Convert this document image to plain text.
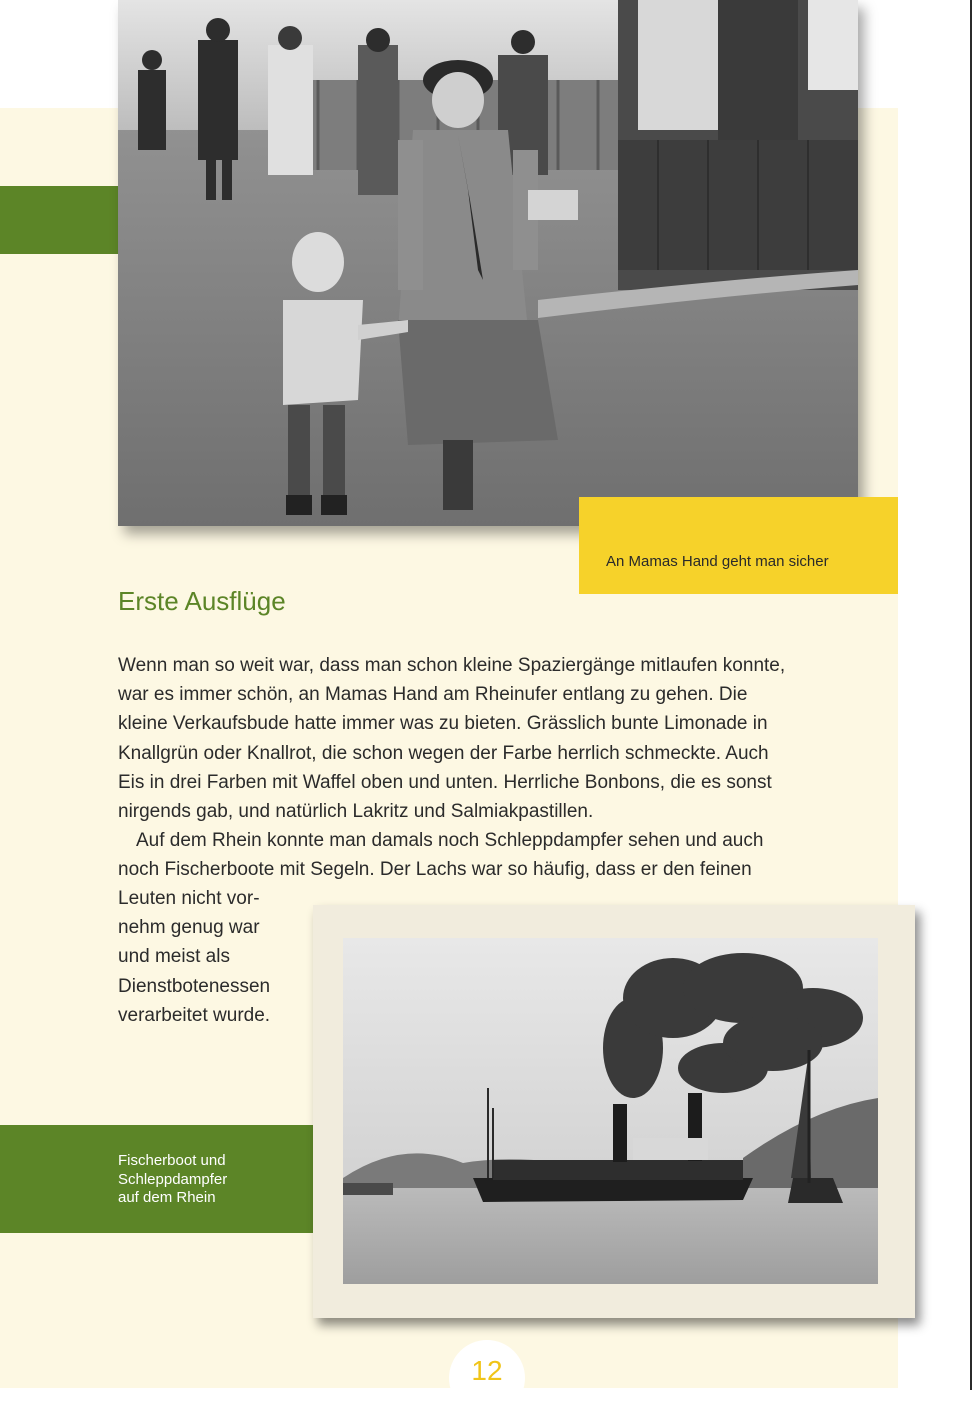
An Mamas Hand geht man sicher
Erste Ausflüge
Wenn man so weit war, dass man schon kleine Spaziergänge mitlaufen konnte,
war es immer schön, an Mamas Hand am Rheinufer entlang zu gehen. Die
kleine Verkaufsbude hatte immer was zu bieten. Grässlich bunte Limonade in
Knallgrün oder Knallrot, die schon wegen der Farbe herrlich schmeckte. Auch
Eis in drei Farben mit Waffel oben und unten. Herrliche Bonbons, die es sonst
nirgends gab, und natürlich Lakritz und Salmiakpastillen.
Auf dem Rhein konnte man damals noch Schleppdampfer sehen und auch
noch Fischerboote mit Segeln. Der Lachs war so häufig, dass er den feinen
Leuten nicht vor-
nehm genug war
und meist als
Dienstbotenessen
verarbeitet wurde.
Fischerboot und
Schleppdampfer
auf dem Rhein
12
